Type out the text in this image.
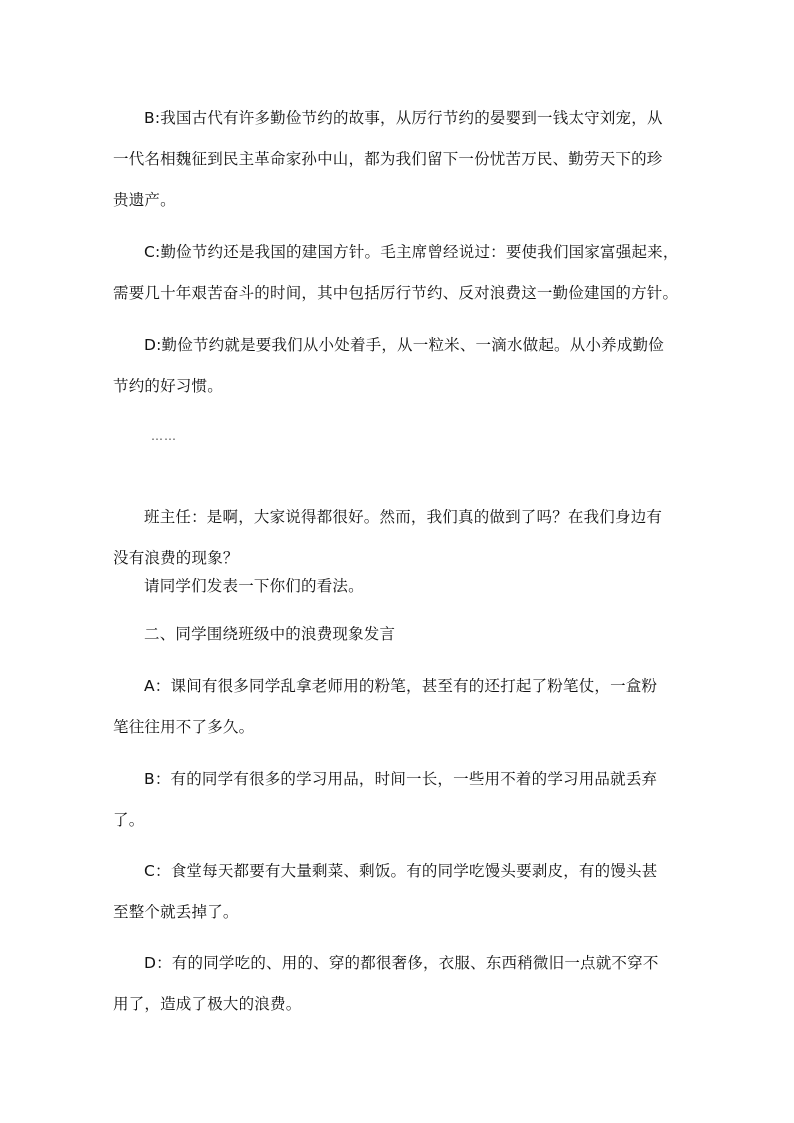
B:我国古代有许多勤俭节约的故事，从厉行节约的晏婴到一钱太守刘宠，从
一代名相魏征到民主革命家孙中山，都为我们留下一份忧苦万民、勤劳天下的珍
贵遗产。

C:勤俭节约还是我国的建国方针。毛主席曾经说过：要使我们国家富强起来，
需要几十年艰苦奋斗的时间，其中包括厉行节约、反对浪费这一勤俭建国的方针。

D:勤俭节约就是要我们从小处着手，从一粒米、一滴水做起。从小养成勤俭
节约的好习惯。

……

班主任：是啊，大家说得都很好。然而，我们真的做到了吗？在我们身边有
没有浪费的现象？

请同学们发表一下你们的看法。

二、同学围绕班级中的浪费现象发言

A：课间有很多同学乱拿老师用的粉笔，甚至有的还打起了粉笔仗，一盒粉
笔往往用不了多久。

B：有的同学有很多的学习用品，时间一长，一些用不着的学习用品就丢弃
了。

C：食堂每天都要有大量剩菜、剩饭。有的同学吃馒头要剥皮，有的馒头甚
至整个就丢掉了。

D：有的同学吃的、用的、穿的都很奢侈，衣服、东西稍微旧一点就不穿不
用了，造成了极大的浪费。
